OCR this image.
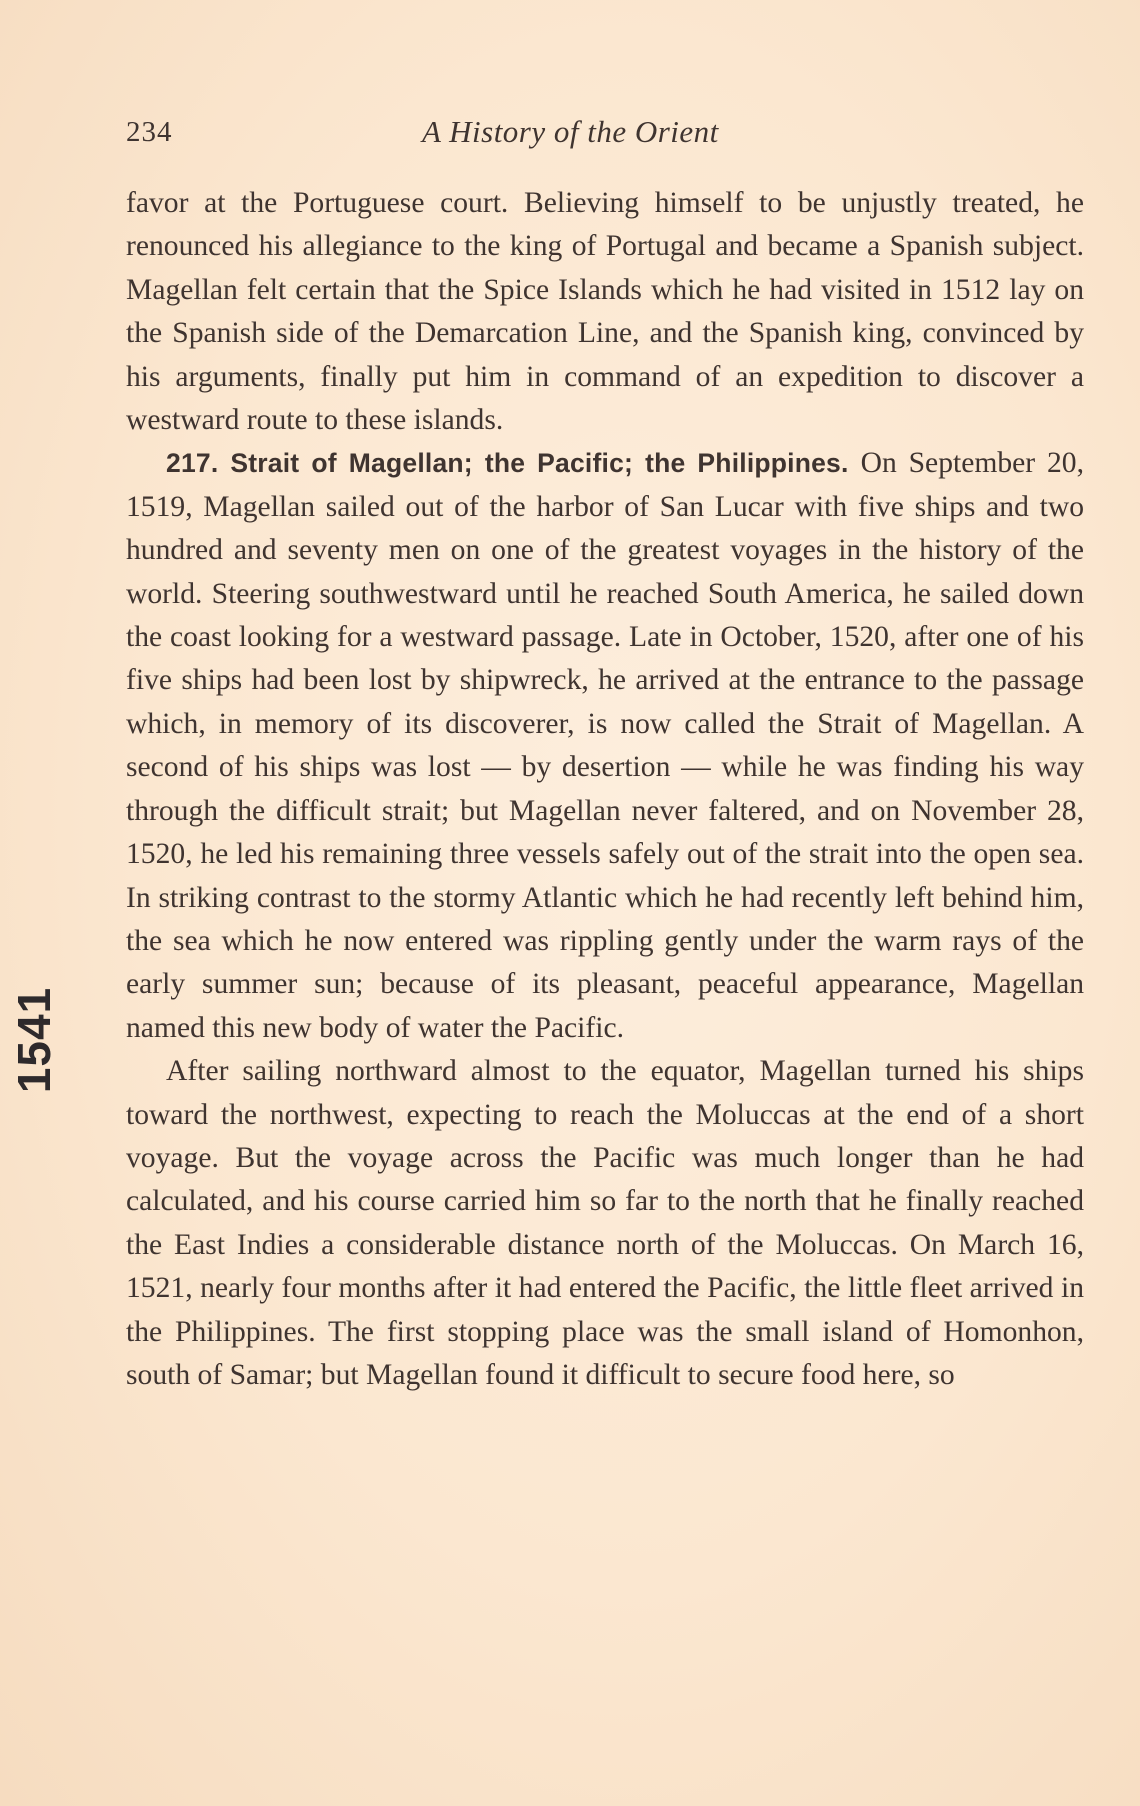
234	A History of the Orient
1541

favor at the Portuguese court. Believing himself to be unjustly treated, he renounced his allegiance to the king of Portugal and became a Spanish subject. Magellan felt certain that the Spice Islands which he had visited in 1512 lay on the Spanish side of the Demarcation Line, and the Spanish king, convinced by his arguments, finally put him in command of an expedition to discover a westward route to these islands.

217. Strait of Magellan; the Pacific; the Philippines. On September 20, 1519, Magellan sailed out of the harbor of San Lucar with five ships and two hundred and seventy men on one of the greatest voyages in the history of the world. Steering southwestward until he reached South America, he sailed down the coast looking for a westward passage. Late in October, 1520, after one of his five ships had been lost by shipwreck, he arrived at the entrance to the passage which, in memory of its discoverer, is now called the Strait of Magellan. A second of his ships was lost — by desertion — while he was finding his way through the difficult strait; but Magellan never faltered, and on November 28, 1520, he led his remaining three vessels safely out of the strait into the open sea. In striking contrast to the stormy Atlantic which he had recently left behind him, the sea which he now entered was rippling gently under the warm rays of the early summer sun; because of its pleasant, peaceful appearance, Magellan named this new body of water the Pacific.

After sailing northward almost to the equator, Magellan turned his ships toward the northwest, expecting to reach the Moluccas at the end of a short voyage. But the voyage across the Pacific was much longer than he had calculated, and his course carried him so far to the north that he finally reached the East Indies a considerable distance north of the Moluccas. On March 16, 1521, nearly four months after it had entered the Pacific, the little fleet arrived in the Philippines. The first stopping place was the small island of Homonhon, south of Samar; but Magellan found it difficult to secure food here, so
